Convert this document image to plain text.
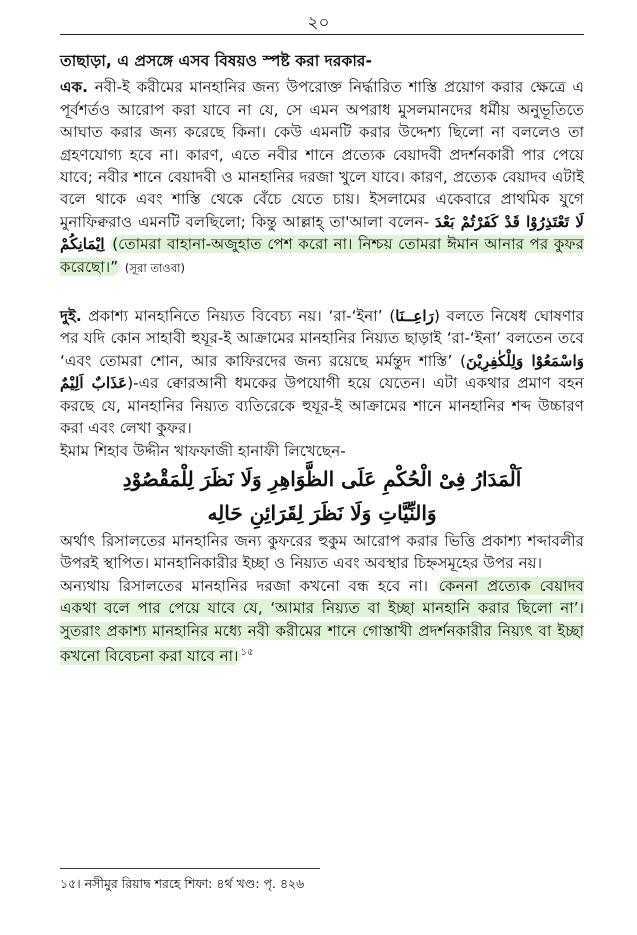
২০

তাছাড়া, এ প্রসঙ্গে এসব বিষয়ও স্পষ্ট করা দরকার-

এক. নবী-ই করীমের মানহানির জন্য উপরোক্ত নির্দ্ধারিত শাস্তি প্রয়োগ করার ক্ষেত্রে এ পূর্বশর্তও আরোপ করা যাবে না যে, সে এমন অপরাধ মুসলমানদের ধর্মীয় অনুভূতিতে আঘাত করার জন্য করেছে কিনা। কেউ এমনটি করার উদ্দেশ্য ছিলো না বললেও তা গ্রহণযোগ্য হবে না। কারণ, এতে নবীর শানে প্রত্যেক বেয়াদবী প্রদর্শনকারী পার পেয়ে যাবে; নবীর শানে বেয়াদবী ও মানহানির দরজা খুলে যাবে। কারণ, প্রত্যেক বেয়াদব এটাই বলে থাকে এবং শাস্তি থেকে বেঁচে যেতে চায়। ইসলামের একেবারে প্রাথমিক যুগে মুনাফিক্বরাও এমনটি বলছিলো; কিন্তু আল্লাহ্ তা'আলা বলেন- لَا تَعْتَذِرُوْا قَدْ كَفَرْتُمْ بَعْدَ اِيْمَانِكُمْ (তোমরা বাহানা-অজুহাত পেশ করো না। নিশ্চয় তোমরা ঈমান আনার পর কুফর করেছো।” (সূরা তাওবা)

দুই. প্রকাশ্য মানহানিতে নিয়্যত বিবেচ্য নয়। ‘রা-‘ইনা’ (رَاعِــنَا) বলতে নিষেধ ঘোষণার পর যদি কোন সাহাবী হুযূর-ই আক্রামের মানহানির নিয়্যত ছাড়াই ‘রা-‘ইনা’ বলতেন তবে ‘এবং তোমরা শোন, আর কাফিরদের জন্য রয়েছে মর্মন্তুদ শাস্তি’ (وَاسْمَعُوْا وَلِلْكٰفِرِيْنَ عَذَابٌ اَلِيْمٌ)-এর ক্বোরআনী ধমকের উপযোগী হয়ে যেতেন। এটা একথার প্রমাণ বহন করছে যে, মানহানির নিয়্যত ব্যতিরেকে হুযূর-ই আক্রামের শানে মানহানির শব্দ উচ্চারণ করা এবং লেখা কুফর।

ইমাম শিহাব উদ্দীন খাফফাজী হানাফী লিখেছেন-

اَلْمَدَارُ فِىْ الْحُكْمِ عَلَى الظَّوَاهِرِ وَلَا نَظَرَ لِلْمَقْصُوْدِ

وَالنِّيَّاتِ وَلَا نَظَرَ لِقَرَائِنِ حَالِه

অর্থাৎ রিসালতের মানহানির জন্য কুফরের হুকুম আরোপ করার ভিত্তি প্রকাশ্য শব্দাবলীর উপরই স্থাপিত। মানহানিকারীর ইচ্ছা ও নিয়্যত এবং অবস্থার চিহ্নসমূহের উপর নয়।

অন্যথায় রিসালতের মানহানির দরজা কখনো বন্ধ হবে না। কেননা প্রত্যেক বেয়াদব একথা বলে পার পেয়ে যাবে যে, ‘আমার নিয়্যত বা ইচ্ছা মানহানি করার ছিলো না’। সুতরাং প্রকাশ্য মানহানির মধ্যে নবী করীমের শানে গোস্তাখী প্রদর্শনকারীর নিয়্যৎ বা ইচ্ছা কখনো বিবেচনা করা যাবে না। $^{১৫}$

১৫। নসীমুর রিয়াদ্ব শরহে শিফা: ৪র্থ খণ্ড: পৃ. ৪২৬
